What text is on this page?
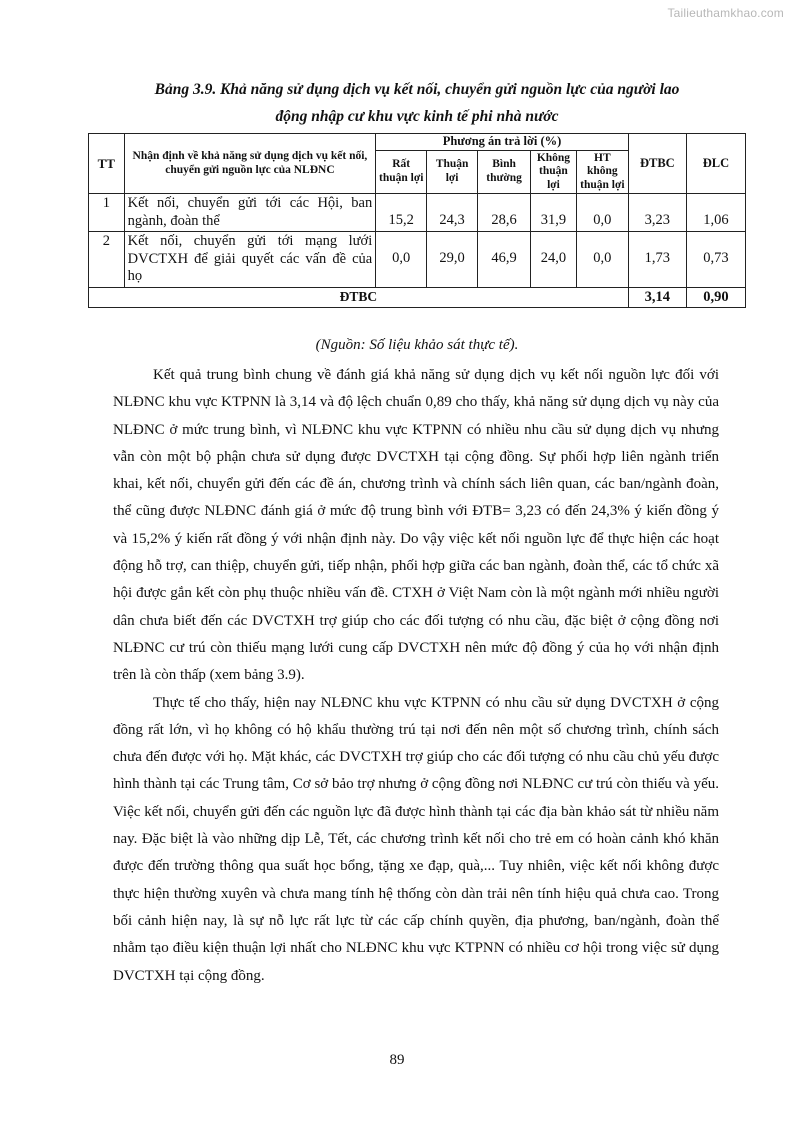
Tailieuthamkhao.com
Bảng 3.9. Khả năng sử dụng dịch vụ kết nối, chuyển gửi nguồn lực của người lao
động nhập cư khu vực kinh tế phi nhà nước
TT	Nhận định về khả năng sử dụng dịch vụ kết nối, chuyển gửi nguồn lực của NLĐNC	Phương án trả lời (%)					ĐTBC	ĐLC
		Rất thuận lợi	Thuận lợi	Bình thường	Không thuận lợi	HT không thuận lợi		
1	Kết nối, chuyển gửi tới các Hội, ban ngành, đoàn thể	15,2	24,3	28,6	31,9	0,0	3,23	1,06
2	Kết nối, chuyển gửi tới mạng lưới DVCTXH để giải quyết các vấn đề của họ	0,0	29,0	46,9	24,0	0,0	1,73	0,73
ĐTBC							3,14	0,90
(Nguồn: Số liệu khảo sát thực tế).

Kết quả trung bình chung về đánh giá khả năng sử dụng dịch vụ kết nối nguồn lực đối với NLĐNC khu vực KTPNN là 3,14 và độ lệch chuẩn 0,89 cho thấy, khả năng sử dụng dịch vụ này của NLĐNC ở mức trung bình, vì NLĐNC khu vực KTPNN có nhiều nhu cầu sử dụng dịch vụ nhưng vẫn còn một bộ phận chưa sử dụng được DVCTXH tại cộng đồng. Sự phối hợp liên ngành triển khai, kết nối, chuyển gửi đến các đề án, chương trình và chính sách liên quan, các ban/ngành đoàn, thể cũng được NLĐNC đánh giá ở mức độ trung bình với ĐTB= 3,23 có đến 24,3% ý kiến đồng ý và 15,2% ý kiến rất đồng ý với nhận định này. Do vậy việc kết nối nguồn lực để thực hiện các hoạt động hỗ trợ, can thiệp, chuyển gửi, tiếp nhận, phối hợp giữa các ban ngành, đoàn thể, các tổ chức xã hội được gắn kết còn phụ thuộc nhiều vấn đề. CTXH ở Việt Nam còn là một ngành mới nhiều người dân chưa biết đến các DVCTXH trợ giúp cho các đối tượng có nhu cầu, đặc biệt ở cộng đồng nơi NLĐNC cư trú còn thiếu mạng lưới cung cấp DVCTXH nên mức độ đồng ý của họ với nhận định trên là còn thấp (xem bảng 3.9).

Thực tế cho thấy, hiện nay NLĐNC khu vực KTPNN có nhu cầu sử dụng DVCTXH ở cộng đồng rất lớn, vì họ không có hộ khẩu thường trú tại nơi đến nên một số chương trình, chính sách chưa đến được với họ. Mặt khác, các DVCTXH trợ giúp cho các đối tượng có nhu cầu chủ yếu được hình thành tại các Trung tâm, Cơ sở bảo trợ nhưng ở cộng đồng nơi NLĐNC cư trú còn thiếu và yếu. Việc kết nối, chuyển gửi đến các nguồn lực đã được hình thành tại các địa bàn khảo sát từ nhiều năm nay. Đặc biệt là vào những dịp Lễ, Tết, các chương trình kết nối cho trẻ em có hoàn cảnh khó khăn được đến trường thông qua suất học bổng, tặng xe đạp, quà,... Tuy nhiên, việc kết nối không được thực hiện thường xuyên và chưa mang tính hệ thống còn dàn trải nên tính hiệu quả chưa cao. Trong bối cảnh hiện nay, là sự nỗ lực rất lực từ các cấp chính quyền, địa phương, ban/ngành, đoàn thể nhằm tạo điều kiện thuận lợi nhất cho NLĐNC khu vực KTPNN có nhiều cơ hội trong việc sử dụng DVCTXH tại cộng đồng.

89
